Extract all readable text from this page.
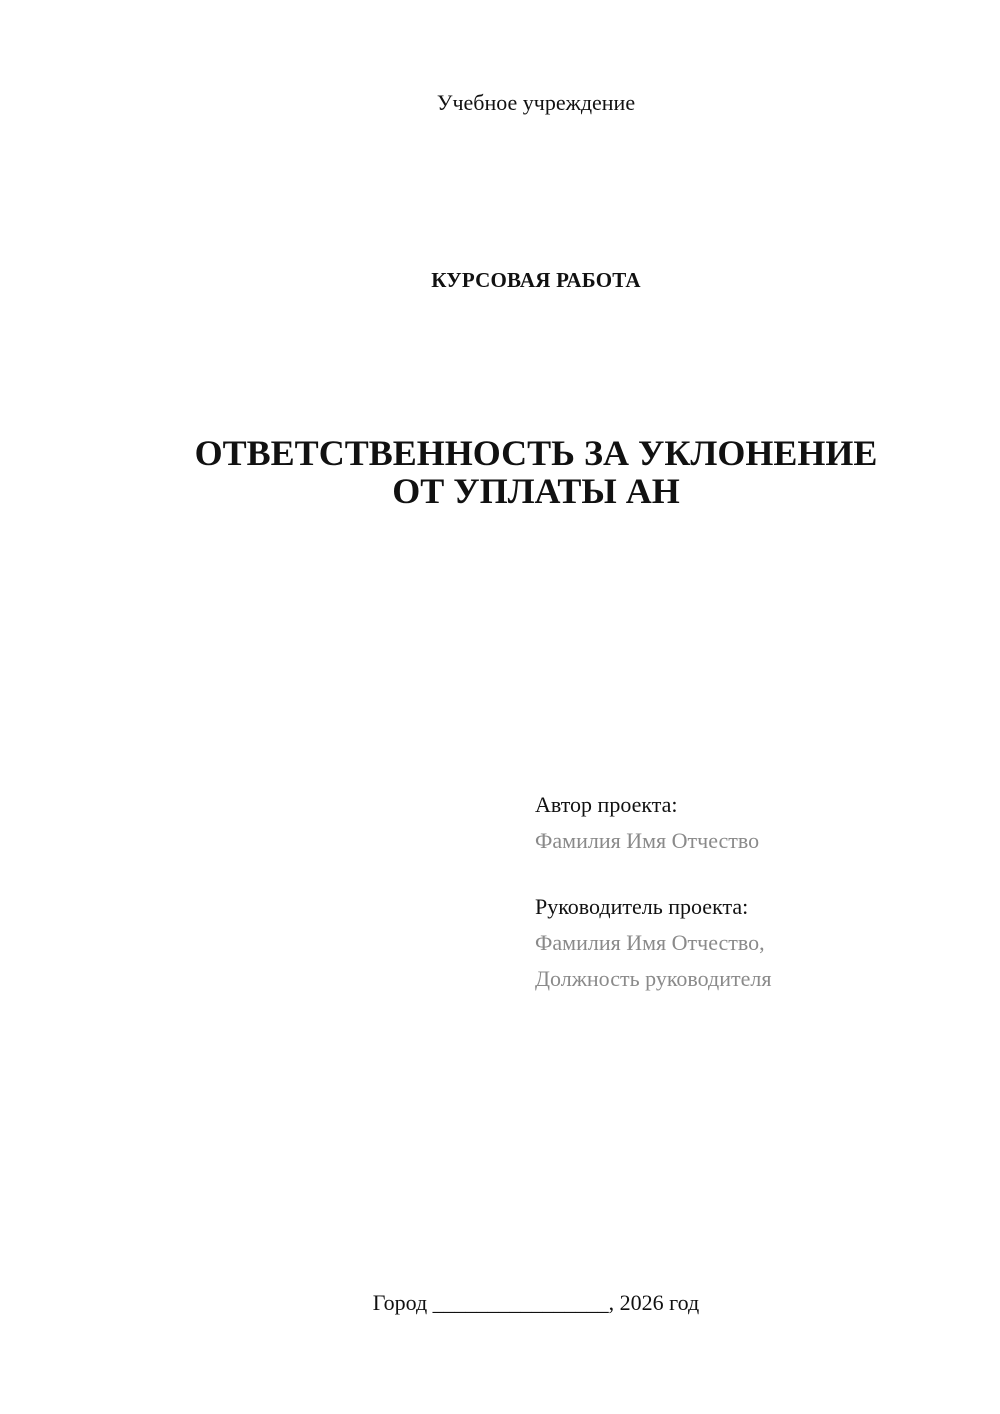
Учебное учреждение
КУРСОВАЯ РАБОТА
ОТВЕТСТВЕННОСТЬ ЗА УКЛОНЕНИЕ
ОТ УПЛАТЫ АН
Автор проекта:
Фамилия Имя Отчество
Руководитель проекта:
Фамилия Имя Отчество,
Должность руководителя
Город ________________, 2026 год
